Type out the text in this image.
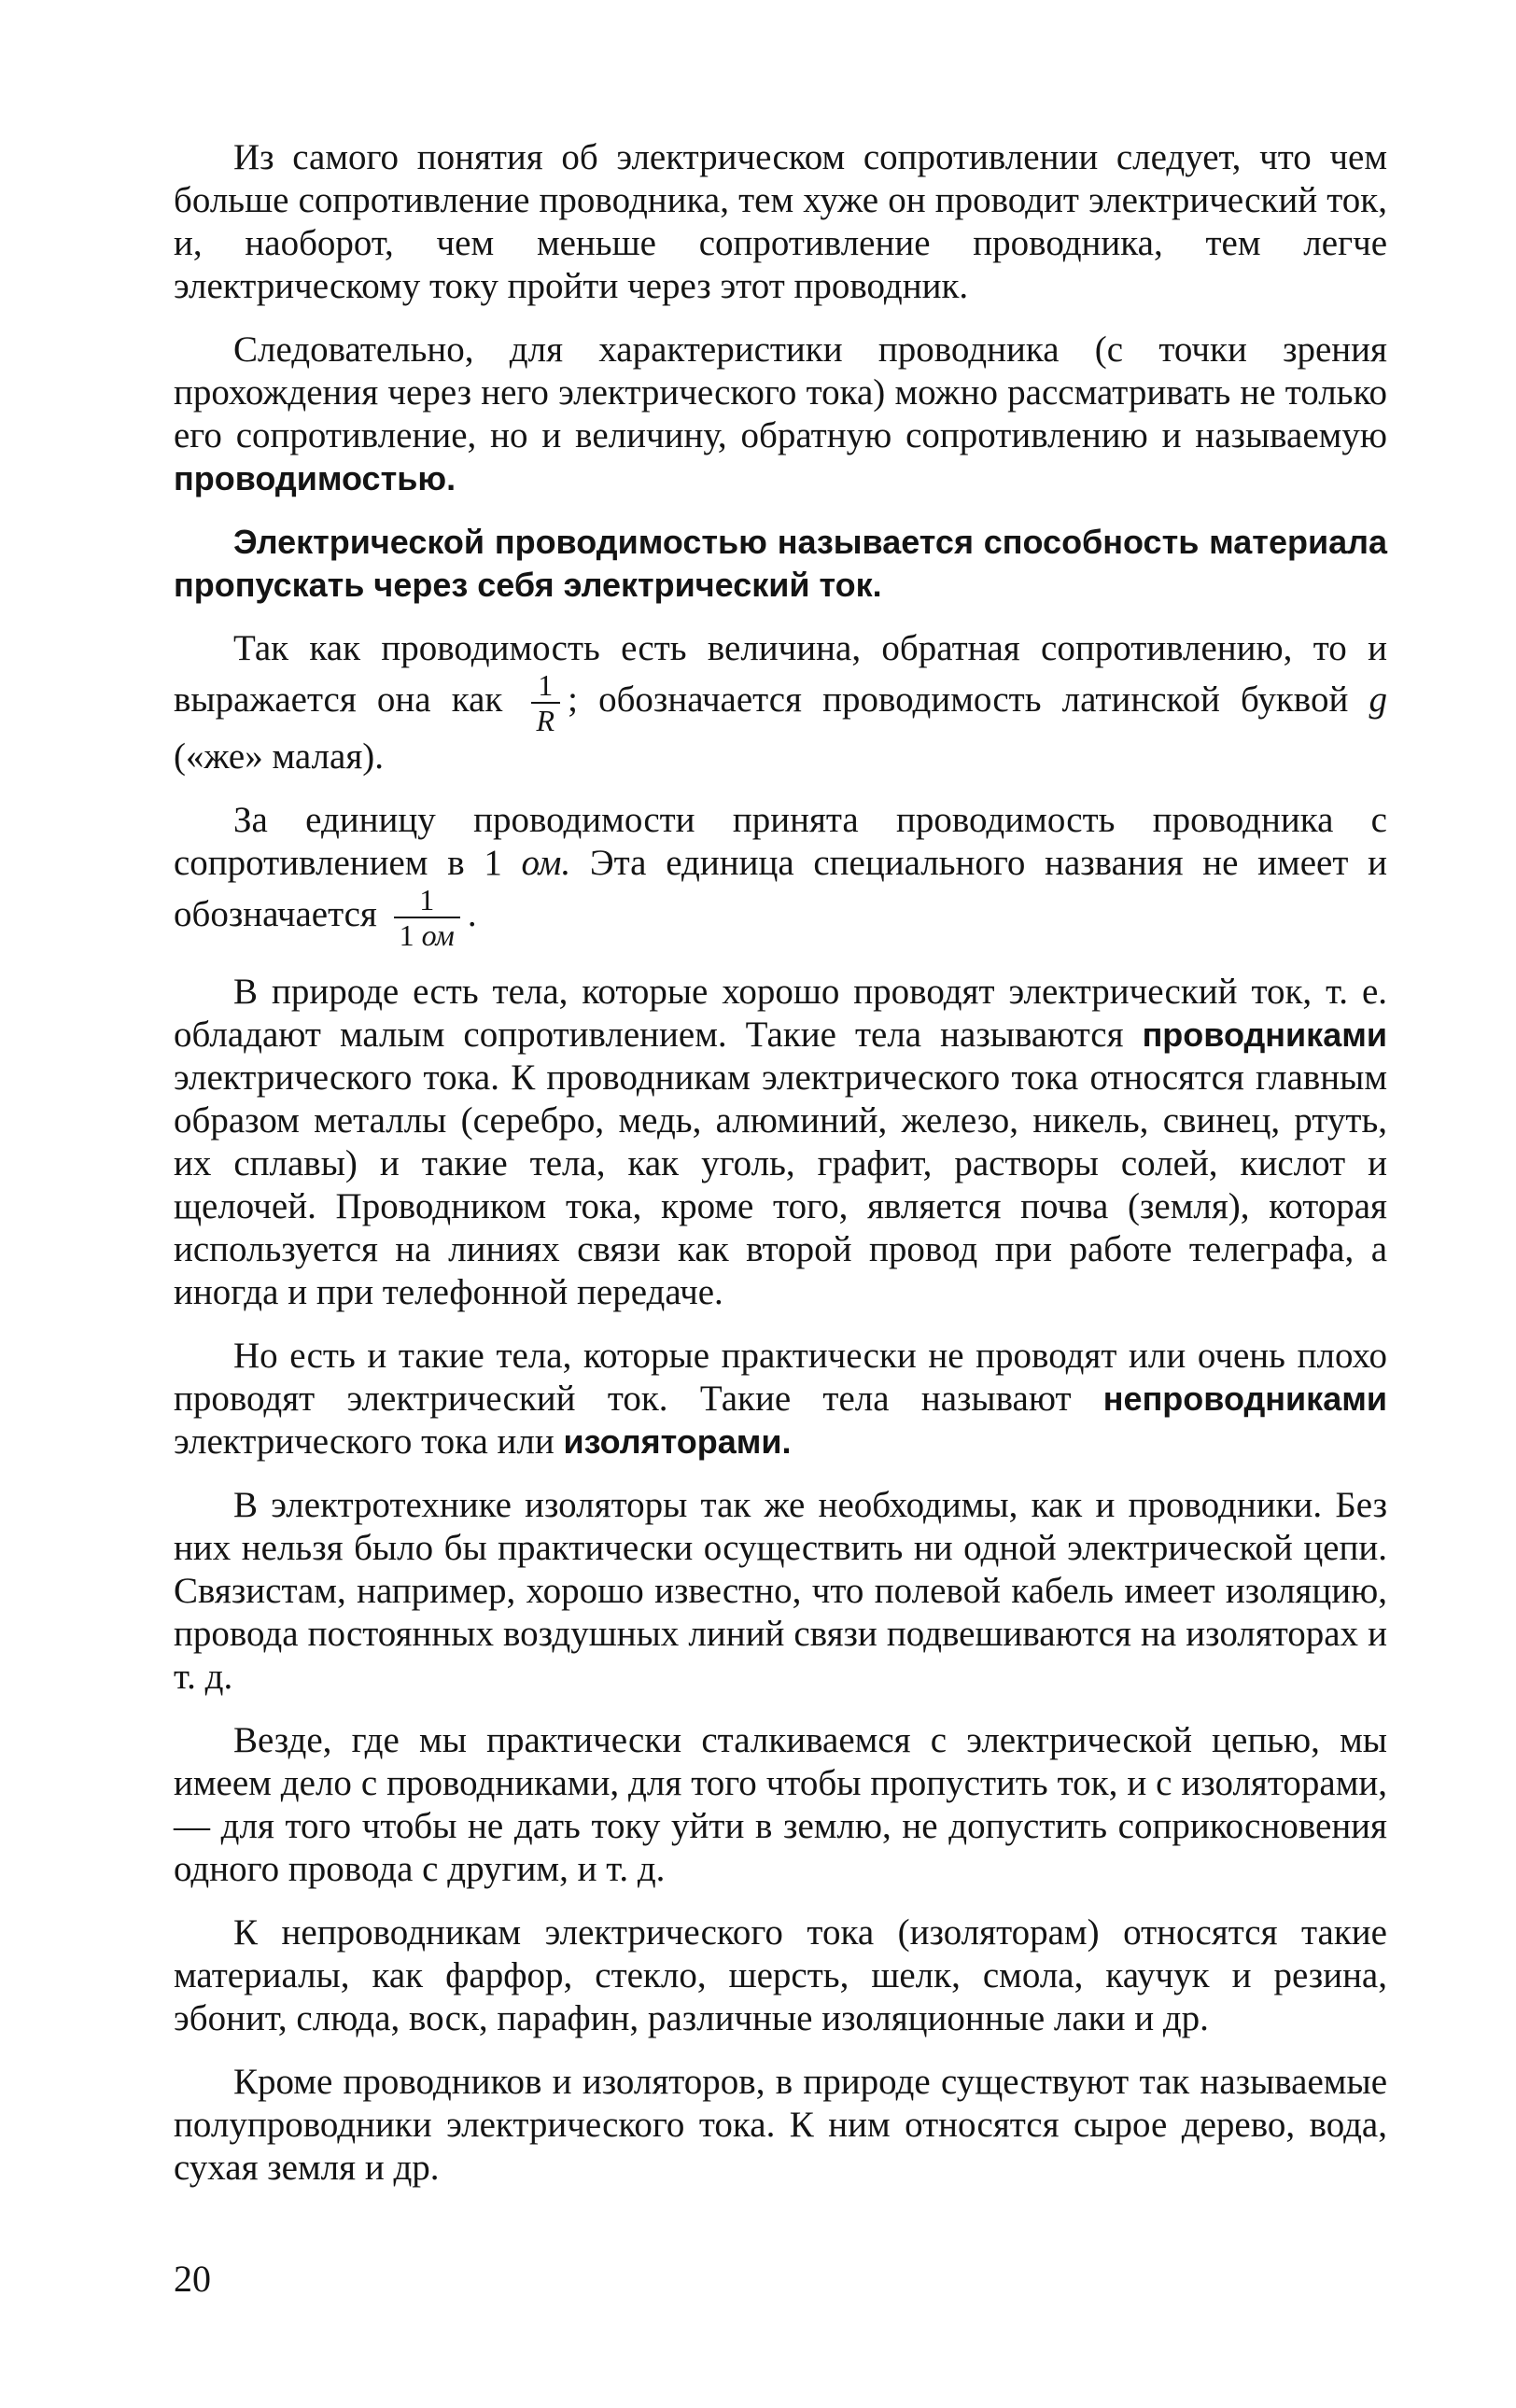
Из самого понятия об электрическом сопротивлении следует, что чем больше сопротивление проводника, тем хуже он проводит электрический ток, и, наоборот, чем меньше сопротивление проводника, тем легче электрическому току пройти через этот проводник.

Следовательно, для характеристики проводника (с точки зрения прохождения через него электрического тока) можно рассматривать не только его сопротивление, но и величину, обратную сопротивлению и называемую проводимостью.

Электрической проводимостью называется способность материала пропускать через себя электрический ток.

Так как проводимость есть величина, обратная сопротивлению, то и выражается она как $\frac{1}{R}$ ; обозначается проводимость латинской буквой g («же» малая).

За единицу проводимости принята проводимость проводника с сопротивлением в 1 ом. Эта единица специального названия не имеет и обозначается $\frac{1}{1 ом}$ .

В природе есть тела, которые хорошо проводят электрический ток, т. е. обладают малым сопротивлением. Такие тела называются проводниками электрического тока. К проводникам электрического тока относятся главным образом металлы (серебро, медь, алюминий, железо, никель, свинец, ртуть, их сплавы) и такие тела, как уголь, графит, растворы солей, кислот и щелочей. Проводником тока, кроме того, является почва (земля), которая используется на линиях связи как второй провод при работе телеграфа, а иногда и при телефонной передаче.

Но есть и такие тела, которые практически не проводят или очень плохо проводят электрический ток. Такие тела называют непроводниками электрического тока или изоляторами.

В электротехнике изоляторы так же необходимы, как и проводники. Без них нельзя было бы практически осуществить ни одной электрической цепи. Связистам, например, хорошо известно, что полевой кабель имеет изоляцию, провода постоянных воздушных линий связи подвешиваются на изоляторах и т. д.

Везде, где мы практически сталкиваемся с электрической цепью, мы имеем дело с проводниками, для того чтобы пропустить ток, и с изоляторами, — для того чтобы не дать току уйти в землю, не допустить соприкосновения одного провода с другим, и т. д.

К непроводникам электрического тока (изоляторам) относятся такие материалы, как фарфор, стекло, шерсть, шелк, смола, каучук и резина, эбонит, слюда, воск, парафин, различные изоляционные лаки и др.

Кроме проводников и изоляторов, в природе существуют так называемые полупроводники электрического тока. К ним относятся сырое дерево, вода, сухая земля и др.

20
